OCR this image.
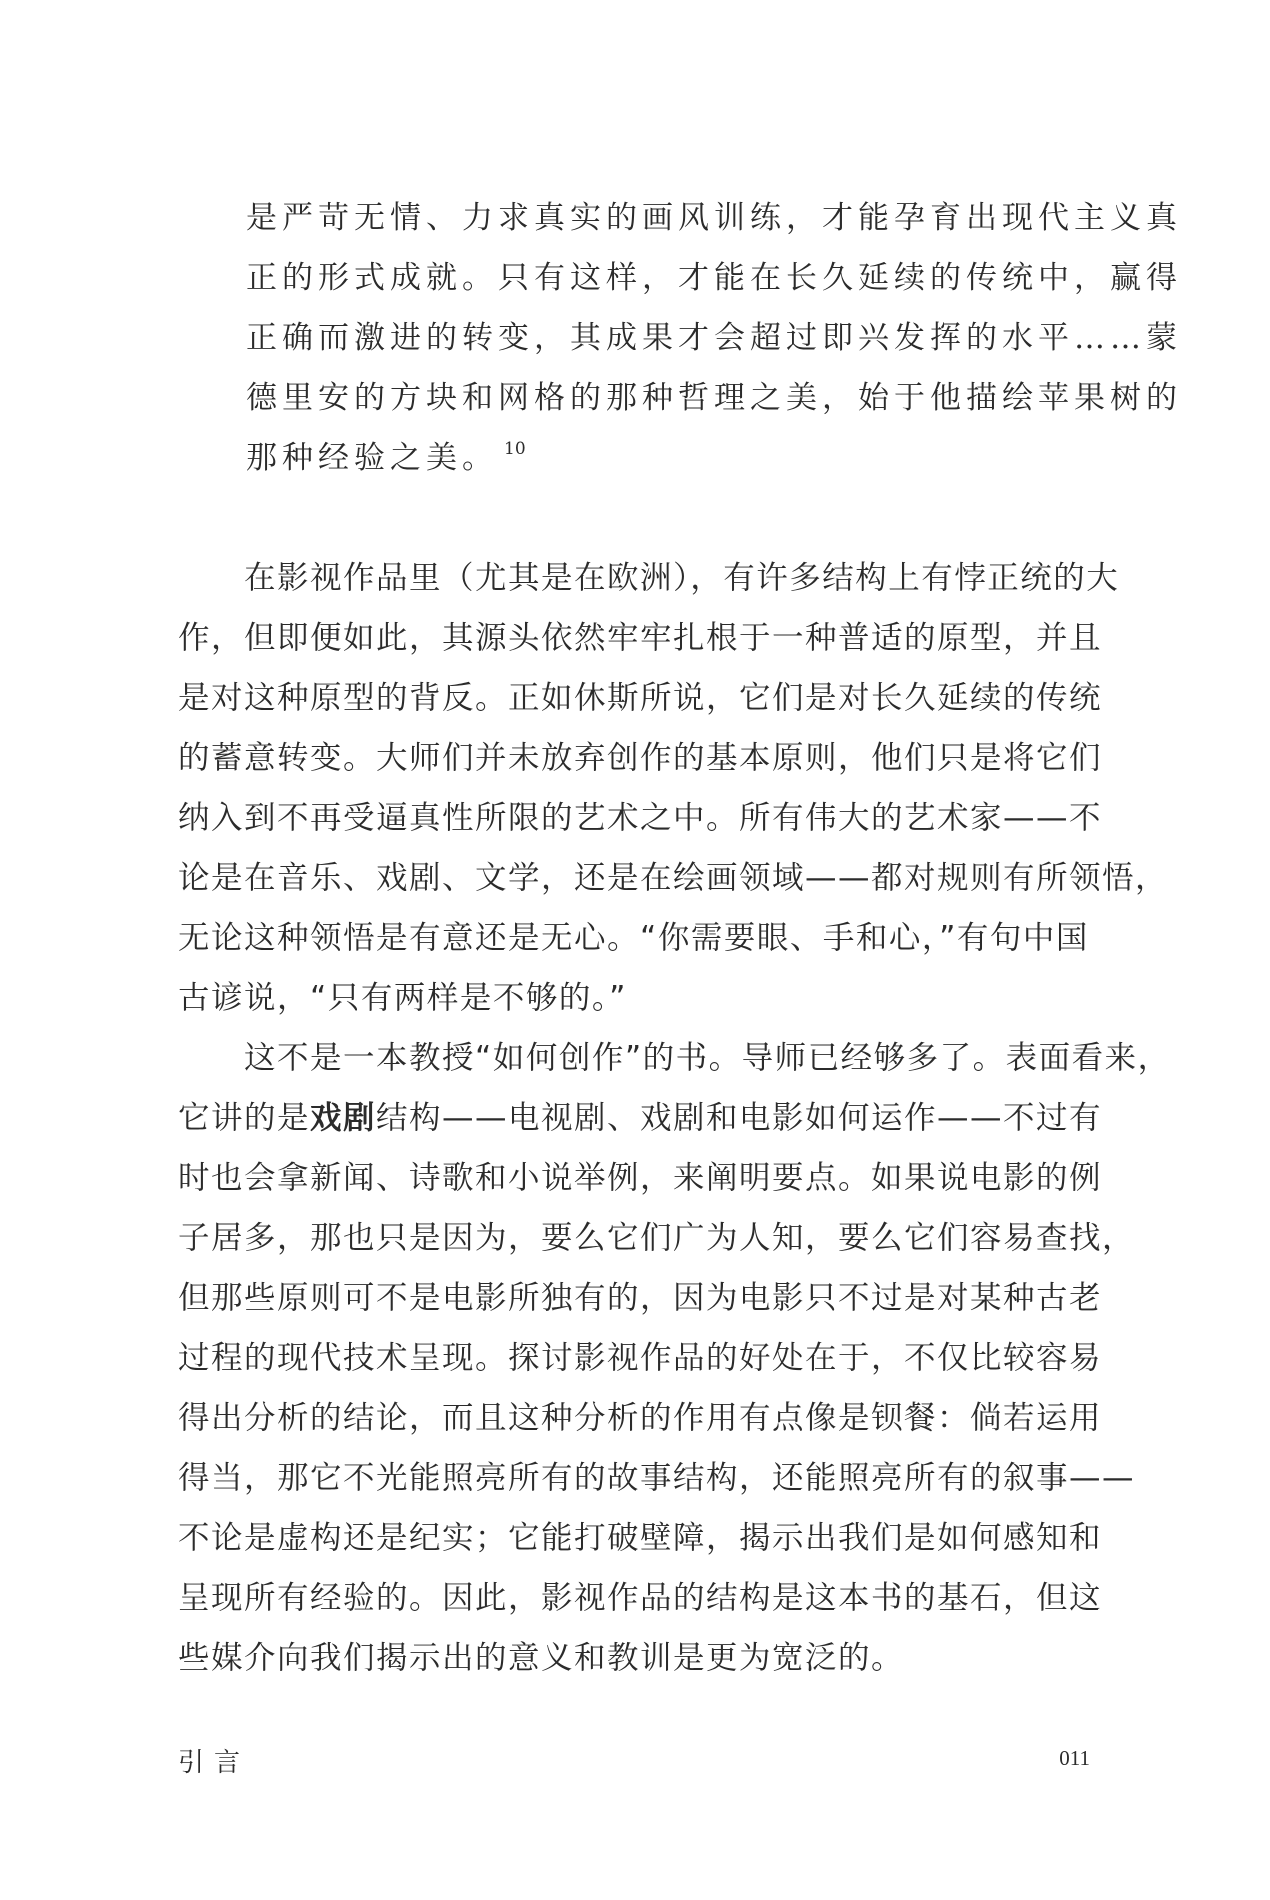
是严苛无情、力求真实的画风训练，才能孕育出现代主义真
正的形式成就。只有这样，才能在长久延续的传统中，赢得
正确而激进的转变，其成果才会超过即兴发挥的水平……蒙
德里安的方块和网格的那种哲理之美，始于他描绘苹果树的
那种经验之美。 $^{10}$
在影视作品里（尤其是在欧洲），有许多结构上有悖正统的大
作，但即便如此，其源头依然牢牢扎根于一种普适的原型，并且
是对这种原型的背反。正如休斯所说，它们是对长久延续的传统
的蓄意转变。大师们并未放弃创作的基本原则，他们只是将它们
纳入到不再受逼真性所限的艺术之中。所有伟大的艺术家——不
论是在音乐、戏剧、文学，还是在绘画领域——都对规则有所领悟，
无论这种领悟是有意还是无心。“你需要眼、手和心，”有句中国
古谚说，“只有两样是不够的。”
这不是一本教授“如何创作”的书。导师已经够多了。表面看来，
它讲的是戏剧结构——电视剧、戏剧和电影如何运作——不过有
时也会拿新闻、诗歌和小说举例，来阐明要点。如果说电影的例
子居多，那也只是因为，要么它们广为人知，要么它们容易查找，
但那些原则可不是电影所独有的，因为电影只不过是对某种古老
过程的现代技术呈现。探讨影视作品的好处在于，不仅比较容易
得出分析的结论，而且这种分析的作用有点像是钡餐：倘若运用
得当，那它不光能照亮所有的故事结构，还能照亮所有的叙事——
不论是虚构还是纪实；它能打破壁障，揭示出我们是如何感知和
呈现所有经验的。因此，影视作品的结构是这本书的基石，但这
些媒介向我们揭示出的意义和教训是更为宽泛的。
引言	011
